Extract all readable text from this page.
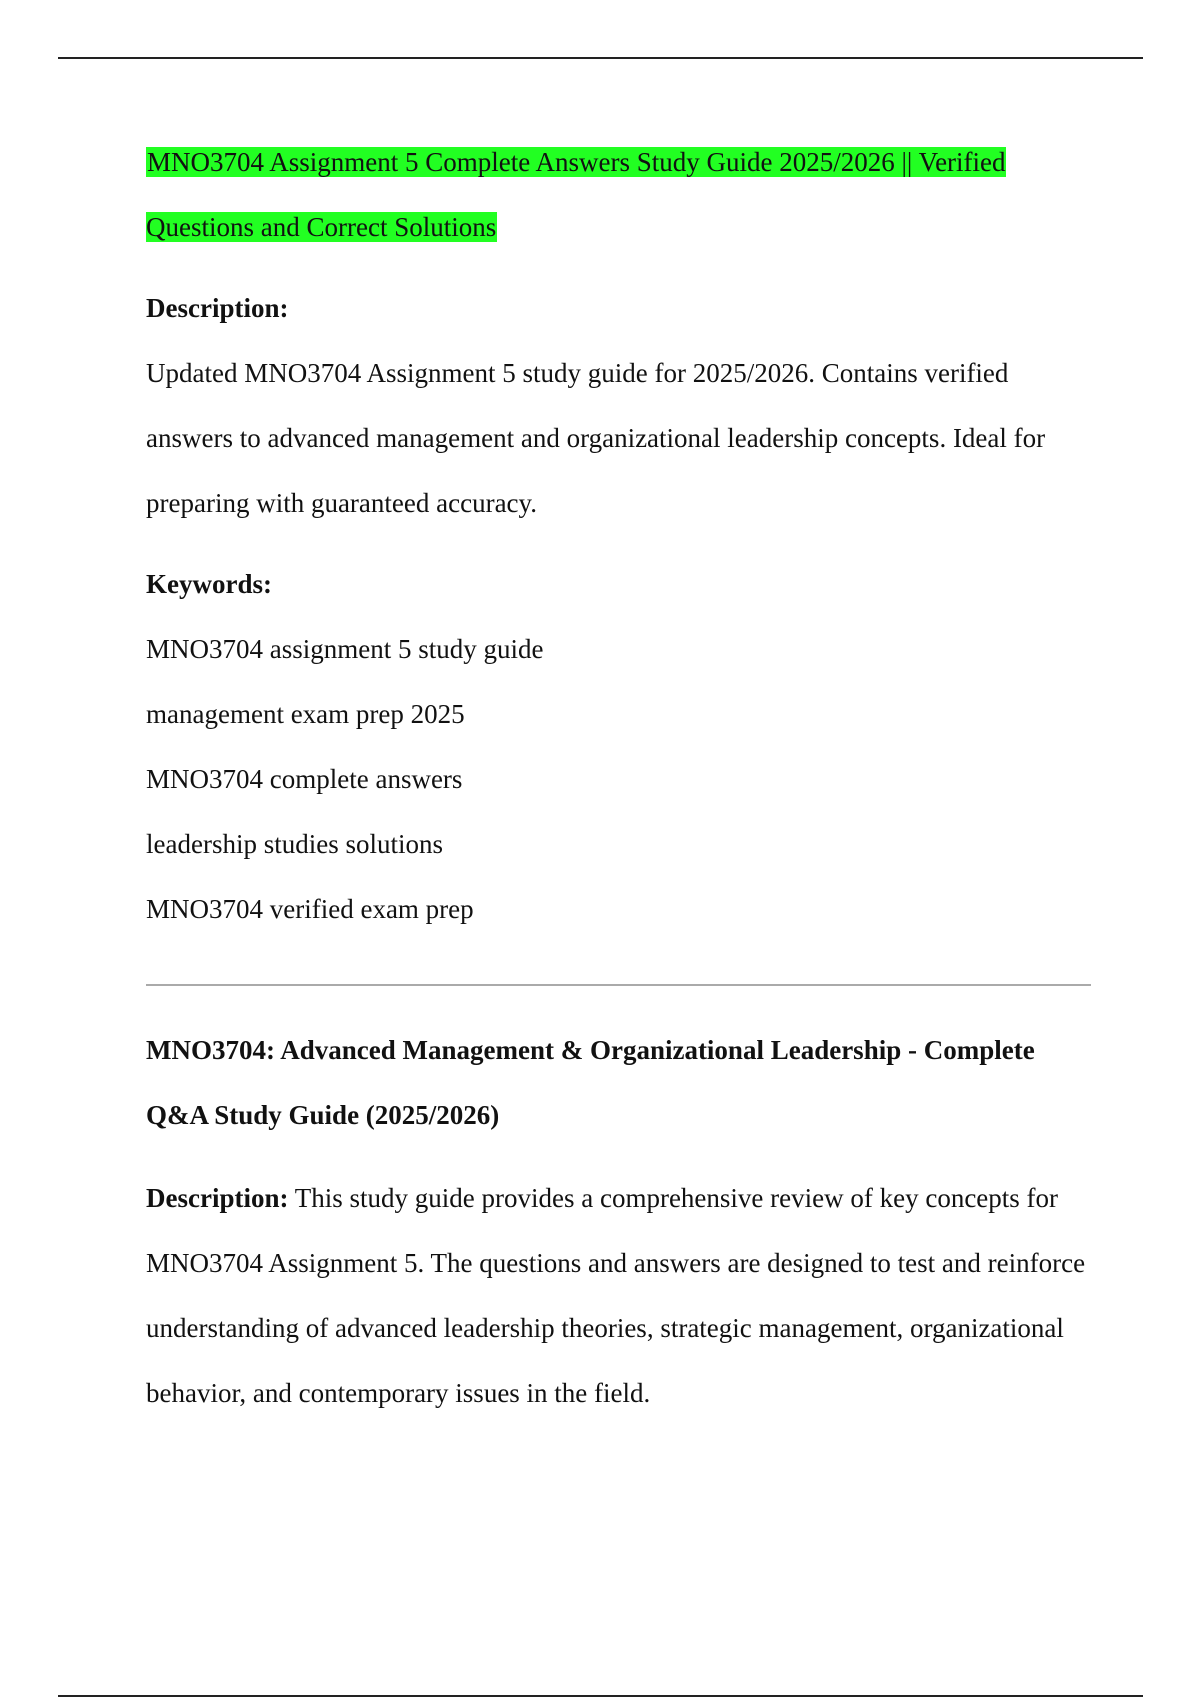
MNO3704 Assignment 5 Complete Answers Study Guide 2025/2026 || Verified Questions and Correct Solutions

Description:

Updated MNO3704 Assignment 5 study guide for 2025/2026. Contains verified answers to advanced management and organizational leadership concepts. Ideal for preparing with guaranteed accuracy.

Keywords:

MNO3704 assignment 5 study guide
management exam prep 2025
MNO3704 complete answers
leadership studies solutions
MNO3704 verified exam prep
MNO3704: Advanced Management & Organizational Leadership - Complete Q&A Study Guide (2025/2026)

Description: This study guide provides a comprehensive review of key concepts for MNO3704 Assignment 5. The questions and answers are designed to test and reinforce understanding of advanced leadership theories, strategic management, organizational behavior, and contemporary issues in the field.
